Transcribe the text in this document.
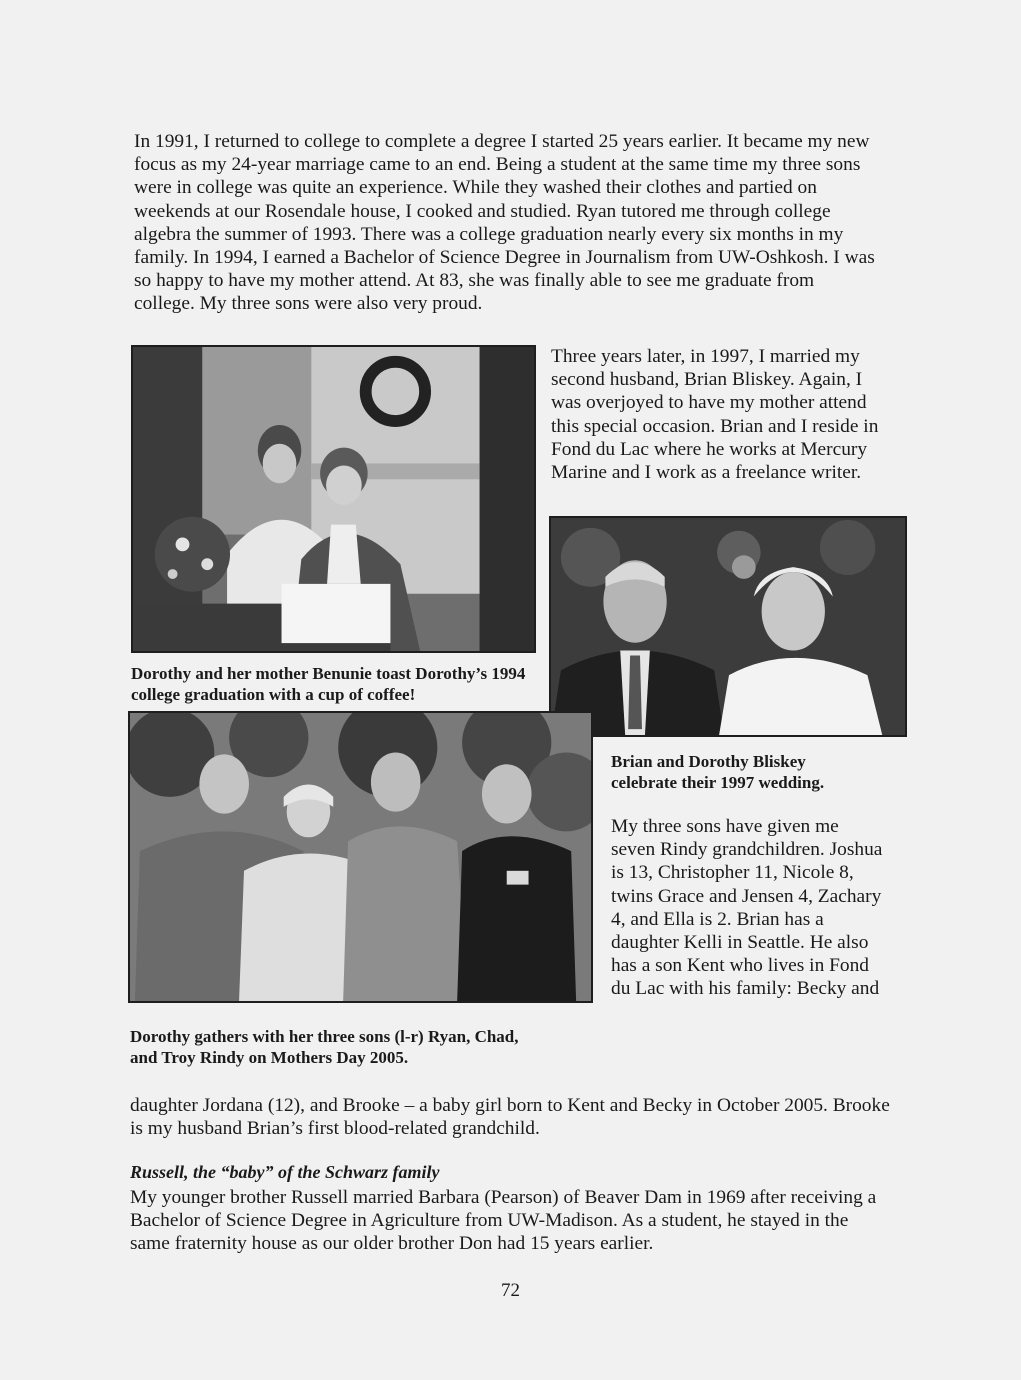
In 1991, I returned to college to complete a degree I started 25 years earlier. It became my new focus as my 24-year marriage came to an end. Being a student at the same time my three sons were in college was quite an experience. While they washed their clothes and partied on weekends at our Rosendale house, I cooked and studied. Ryan tutored me through college algebra the summer of 1993. There was a college graduation nearly every six months in my family. In 1994, I earned a Bachelor of Science Degree in Journalism from UW-Oshkosh. I was so happy to have my mother attend. At 83, she was finally able to see me graduate from college. My three sons were also very proud.

Dorothy and her mother Benunie toast Dorothy’s 1994 college graduation with a cup of coffee!

Three years later, in 1997, I married my second husband, Brian Bliskey. Again, I was overjoyed to have my mother attend this special occasion. Brian and I reside in Fond du Lac where he works at Mercury Marine and I work as a freelance writer.

Brian and Dorothy Bliskey celebrate their 1997 wedding.

My three sons have given me seven Rindy grandchildren. Joshua is 13, Christopher 11, Nicole 8, twins Grace and Jensen 4, Zachary 4, and Ella is 2. Brian has a daughter Kelli in Seattle. He also has a son Kent who lives in Fond du Lac with his family: Becky and

Dorothy gathers with her three sons (l-r) Ryan, Chad, and Troy Rindy on Mothers Day 2005.

daughter Jordana (12), and Brooke – a baby girl born to Kent and Becky in October 2005. Brooke is my husband Brian’s first blood-related grandchild.

Russell, the “baby” of the Schwarz family

My younger brother Russell married Barbara (Pearson) of Beaver Dam in 1969 after receiving a Bachelor of Science Degree in Agriculture from UW-Madison. As a student, he stayed in the same fraternity house as our older brother Don had 15 years earlier.

72
